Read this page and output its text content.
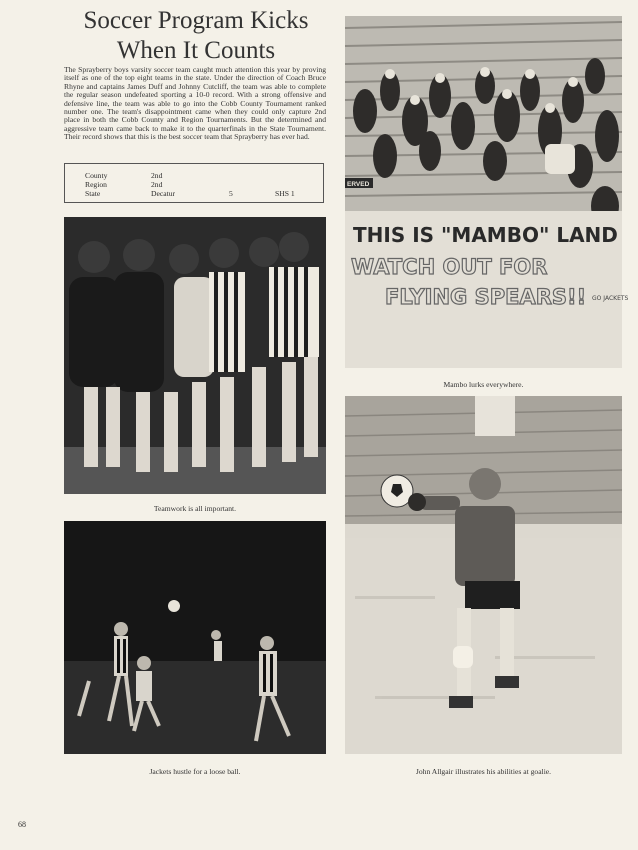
Soccer Program Kicks
When It Counts

The Sprayberry boys varsity soccer team caught much attention this year by proving itself as one of the top eight teams in the state. Under the direction of Coach Bruce Rhyne and captains James Duff and Johnny Cutcliff, the team was able to complete the regular season undefeated sporting a 10-0 record. With a strong offensive and defensive line, the team was able to go into the Cobb County Tournament ranked number one. The team's disappointment came when they could only capture 2nd place in both the Cobb County and Region Tournaments. But the determined and aggressive team came back to make it to the quarterfinals in the State Tournament. Their record shows that this is the best soccer team that Sprayberry has ever had.

County	2nd		
Region	2nd		
State	Decatur	5	SHS 1
ERVED
THIS IS "MAMBO" LAND
WATCH OUT FOR
FLYING SPEARS!! GO JACKETS
Mambo lurks everywhere.
Teamwork is all important.
Jackets hustle for a loose ball.	John Allgair illustrates his abilities at goalie.
68
